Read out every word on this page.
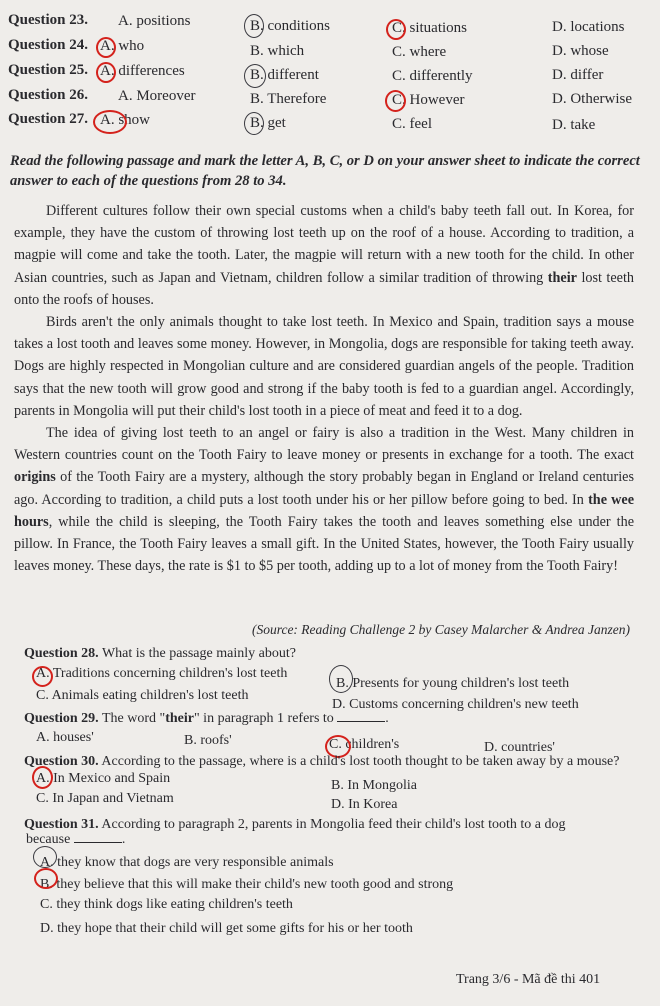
Question 23. A. positions	B. conditions	C. situations	D. locations
Question 24. A. who	B. which	C. where	D. whose
Question 25. A. differences	B. different	C. differently	D. differ
Question 26. A. Moreover	B. Therefore	C. However	D. Otherwise
Question 27. A. show	B. get	C. feel	D. take
Read the following passage and mark the letter A, B, C, or D on your answer sheet to indicate the correct answer to each of the questions from 28 to 34.

Different cultures follow their own special customs when a child's baby teeth fall out. In Korea, for example, they have the custom of throwing lost teeth up on the roof of a house. According to tradition, a magpie will come and take the tooth. Later, the magpie will return with a new tooth for the child. In other Asian countries, such as Japan and Vietnam, children follow a similar tradition of throwing their lost teeth onto the roofs of houses.

Birds aren't the only animals thought to take lost teeth. In Mexico and Spain, tradition says a mouse takes a lost tooth and leaves some money. However, in Mongolia, dogs are responsible for taking teeth away. Dogs are highly respected in Mongolian culture and are considered guardian angels of the people. Tradition says that the new tooth will grow good and strong if the baby tooth is fed to a guardian angel. Accordingly, parents in Mongolia will put their child's lost tooth in a piece of meat and feed it to a dog.

The idea of giving lost teeth to an angel or fairy is also a tradition in the West. Many children in Western countries count on the Tooth Fairy to leave money or presents in exchange for a tooth. The exact origins of the Tooth Fairy are a mystery, although the story probably began in England or Ireland centuries ago. According to tradition, a child puts a lost tooth under his or her pillow before going to bed. In the wee hours, while the child is sleeping, the Tooth Fairy takes the tooth and leaves something else under the pillow. In France, the Tooth Fairy leaves a small gift. In the United States, however, the Tooth Fairy usually leaves money. These days, the rate is $1 to $5 per tooth, adding up to a lot of money from the Tooth Fairy!

(Source: Reading Challenge 2 by Casey Malarcher & Andrea Janzen)
Question 28. What is the passage mainly about?
A. Traditions concerning children's lost teeth
B. Presents for young children's lost teeth
C. Animals eating children's lost teeth
D. Customs concerning children's new teeth
Question 29. The word "their" in paragraph 1 refers to	.
A. houses'	B. roofs'	C. children's	D. countries'
Question 30. According to the passage, where is a child's lost tooth thought to be taken away by a mouse?
A. In Mexico and Spain	B. In Mongolia
C. In Japan and Vietnam	D. In Korea
Question 31. According to paragraph 2, parents in Mongolia feed their child's lost tooth to a dog
because	.
A. they know that dogs are very responsible animals
B. they believe that this will make their child's new tooth good and strong
C. they think dogs like eating children's teeth
D. they hope that their child will get some gifts for his or her tooth
Trang 3/6 - Mã đề thi 401
